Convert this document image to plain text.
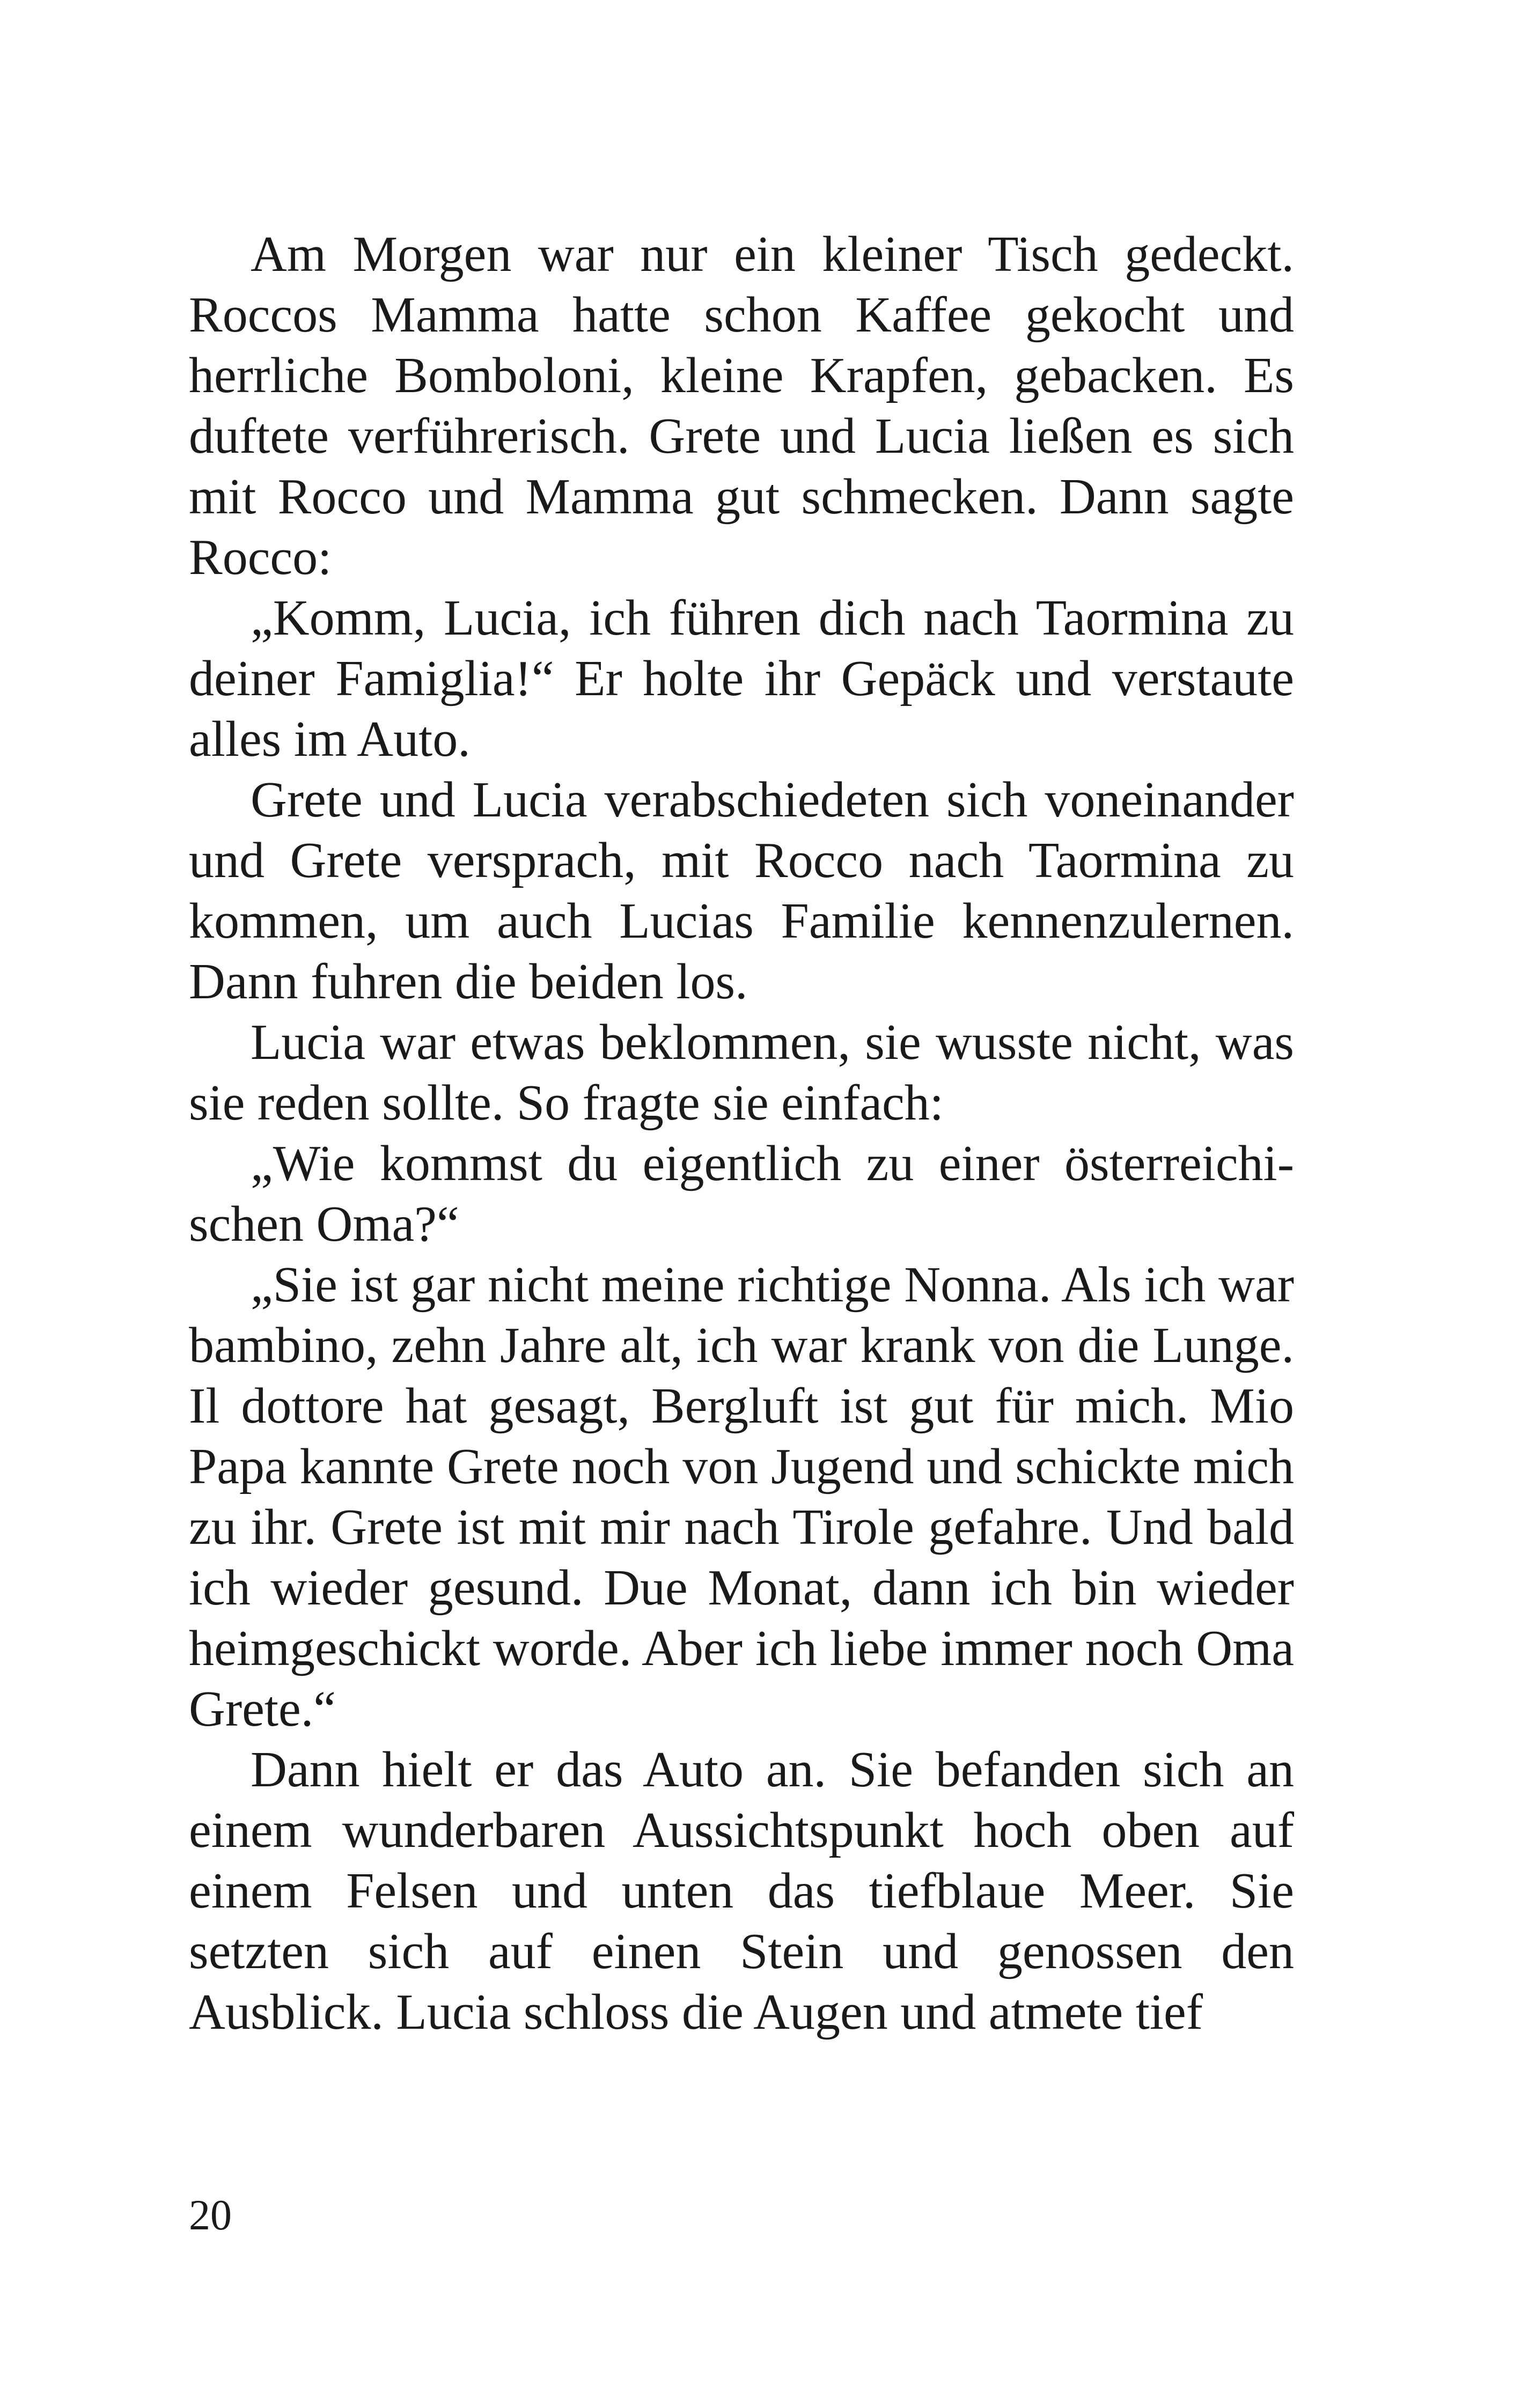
Am Morgen war nur ein kleiner Tisch gedeckt. Roccos Mamma hatte schon Kaffee gekocht und herrliche Bomboloni, kleine Krapfen, gebacken. Es duftete verführerisch. Grete und Lucia ließen es sich mit Rocco und Mamma gut schmecken. Dann sagte Rocco:

„Komm, Lucia, ich führen dich nach Taormina zu deiner Famiglia!“ Er holte ihr Gepäck und verstaute alles im Auto.

Grete und Lucia verabschiedeten sich voneinander und Grete versprach, mit Rocco nach Taormina zu kommen, um auch Lucias Familie kennenzulernen. Dann fuhren die beiden los.

Lucia war etwas beklommen, sie wusste nicht, was sie reden sollte. So fragte sie einfach:

„Wie kommst du eigentlich zu einer österreichischen Oma?“

„Sie ist gar nicht meine richtige Nonna. Als ich war bambino, zehn Jahre alt, ich war krank von die Lunge. Il dottore hat gesagt, Bergluft ist gut für mich. Mio Papa kannte Grete noch von Jugend und schickte mich zu ihr. Grete ist mit mir nach Tirole gefahre. Und bald ich wieder gesund. Due Monat, dann ich bin wieder heimgeschickt worde. Aber ich liebe immer noch Oma Grete.“

Dann hielt er das Auto an. Sie befanden sich an einem wunderbaren Aussichtspunkt hoch oben auf einem Felsen und unten das tiefblaue Meer. Sie setzten sich auf einen Stein und genossen den Ausblick. Lucia schloss die Augen und atmete tief

20
